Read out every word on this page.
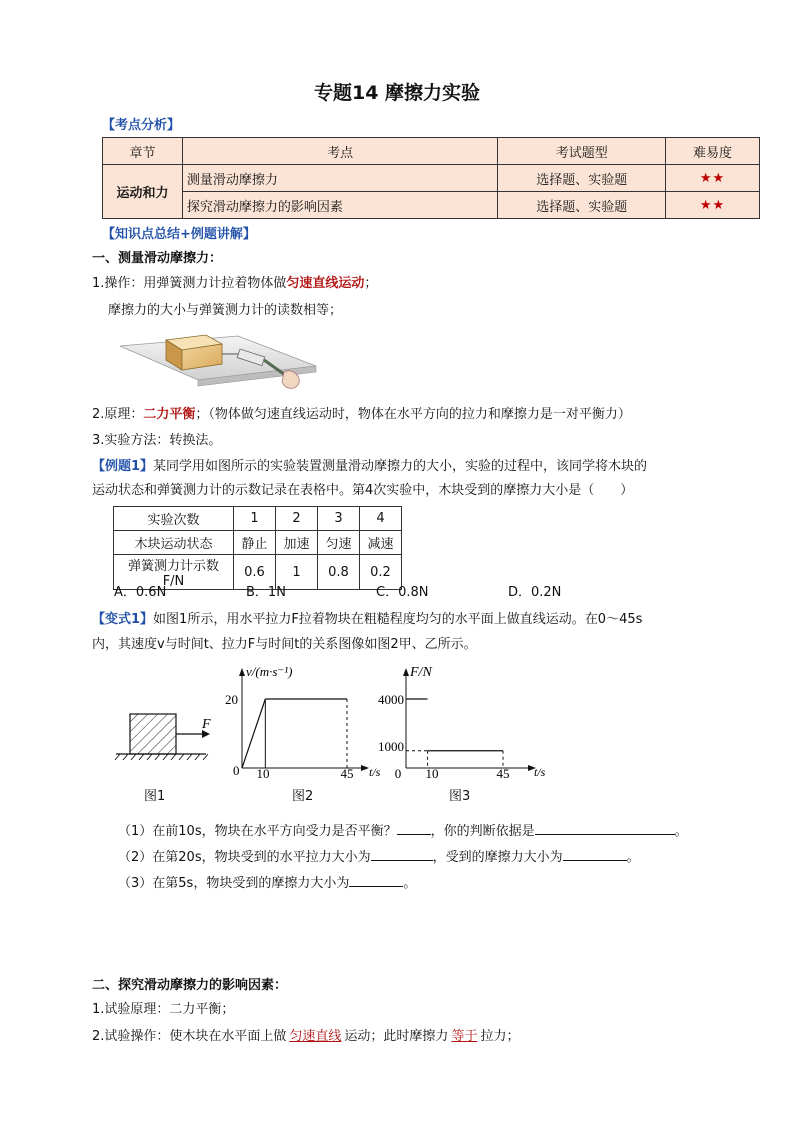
专题14 摩擦力实验
【考点分析】
章节	考点	考试题型	难易度
运动和力	测量滑动摩擦力	选择题、实验题	★★
	探究滑动摩擦力的影响因素	选择题、实验题	★★
【知识点总结+例题讲解】
一、测量滑动摩擦力：
1.操作：用弹簧测力计拉着物体做匀速直线运动；
摩擦力的大小与弹簧测力计的读数相等；
2.原理：二力平衡；（物体做匀速直线运动时，物体在水平方向的拉力和摩擦力是一对平衡力）
3.实验方法：转换法。
【例题1】某同学用如图所示的实验装置测量滑动摩擦力的大小，实验的过程中，该同学将木块的
运动状态和弹簧测力计的示数记录在表格中。第4次实验中，木块受到的摩擦力大小是（　　）
实验次数	1	2	3	4
木块运动状态	静止	加速	匀速	减速
弹簧测力计示数F/N	0.6	1	0.8	0.2
A．0.6N	B．1N	C．0.8N	D．0.2N
【变式1】如图1所示，用水平拉力F拉着物块在粗糙程度均匀的水平面上做直线运动。在0～45s
内，其速度v与时间t、拉力F与时间t的关系图像如图2甲、乙所示。
F
0 10	45
20
t/s
v/(m·s⁻¹)
0 10	45
4000
1000
t/s
F/N
图1	图2	图3
（1）在前10s，物块在水平方向受力是否平衡？	，你的判断依据是	。
（2）在第20s，物块受到的水平拉力大小为	，受到的摩擦力大小为	。
（3）在第5s，物块受到的摩擦力大小为	。
二、探究滑动摩擦力的影响因素：
1.试验原理：二力平衡；
2.试验操作：使木块在水平面上做 匀速直线 运动；此时摩擦力 等于 拉力；
